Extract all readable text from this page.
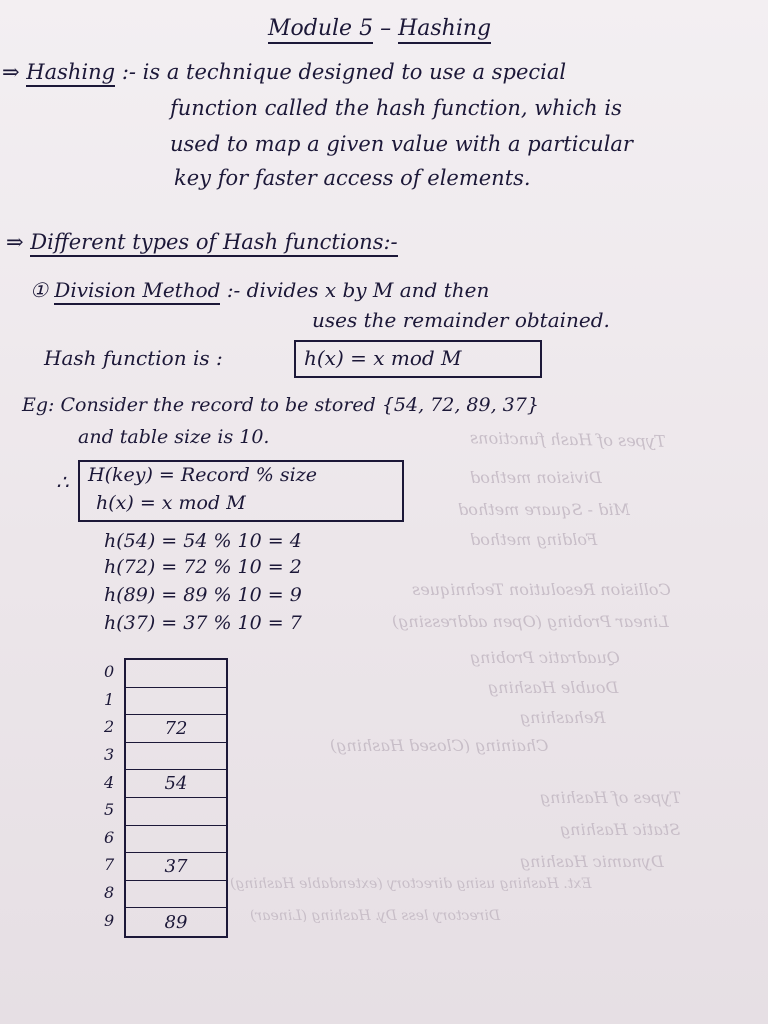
Types of Hash functions
Division method
Mid - Square method
Folding method
Collision Resolution Techniques
Linear Probing (Open addressing)
Quadratic Probing
Double Hashing
Rehashing
Chaining (Closed Hashing)
Types of Hashing
Static Hashing
Dynamic Hashing
Ext. Hashing using directory (extendable Hashing)
Directory less Dy. Hashing (Linear)
Module 5 – Hashing
⇒ Hashing :- is a technique designed to use a special
function called the hash function, which is
used to map a given value with a particular
key for faster access of elements.
⇒ Different types of Hash functions:-
① Division Method :- divides x by M and then
uses the remainder obtained.
Hash function is :	h(x) = x mod M
Eg: Consider the record to be stored {54, 72, 89, 37}
and table size is 10.
∴ H(key) = Record % size
h(x) = x mod M
h(54) = 54 % 10 = 4
h(72) = 72 % 10 = 2
h(89) = 89 % 10 = 9
h(37) = 37 % 10 = 7
0
1
2
3
4
5
6
7
8
9
72
54
37
89
